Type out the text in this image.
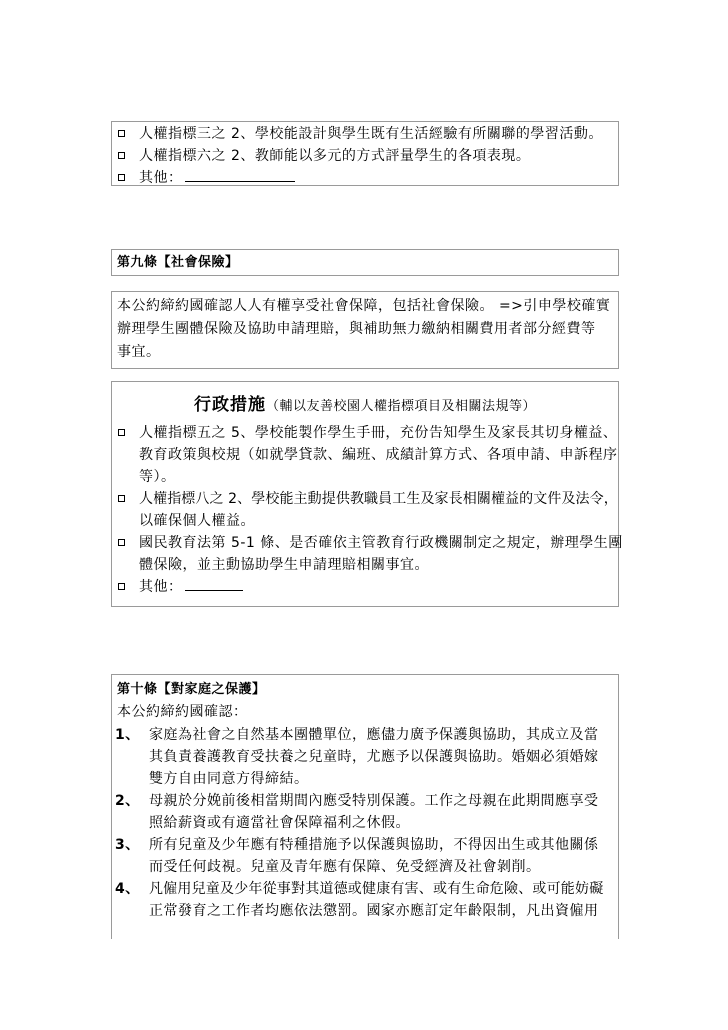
人權指標三之 2、學校能設計與學生既有生活經驗有所關聯的學習活動。
人權指標六之 2、教師能以多元的方式評量學生的各項表現。
其他：
第九條【社會保險】
本公約締約國確認人人有權享受社會保障，包括社會保險。 =>引申學校確實
辦理學生團體保險及協助申請理賠，與補助無力繳納相關費用者部分經費等
事宜。
行政措施（輔以友善校園人權指標項目及相關法規等）
人權指標五之 5、學校能製作學生手冊，充份告知學生及家長其切身權益、
教育政策與校規（如就學貸款、編班、成績計算方式、各項申請、申訴程序
等）。
人權指標八之 2、學校能主動提供教職員工生及家長相關權益的文件及法令，
以確保個人權益。
國民教育法第 5-1 條、是否確依主管教育行政機關制定之規定，辦理學生團
體保險，並主動協助學生申請理賠相關事宜。
其他：
第十條【對家庭之保護】
本公約締約國確認：
1、 家庭為社會之自然基本團體單位，應儘力廣予保護與協助，其成立及當
其負責養護教育受扶養之兒童時，尤應予以保護與協助。婚姻必須婚嫁
雙方自由同意方得締結。
2、 母親於分娩前後相當期間內應受特別保護。工作之母親在此期間應享受
照給薪資或有適當社會保障福利之休假。
3、 所有兒童及少年應有特種措施予以保護與協助，不得因出生或其他關係
而受任何歧視。兒童及青年應有保障、免受經濟及社會剝削。
4、 凡僱用兒童及少年從事對其道德或健康有害、或有生命危險、或可能妨礙
正常發育之工作者均應依法懲罰。國家亦應訂定年齡限制，凡出資僱用
